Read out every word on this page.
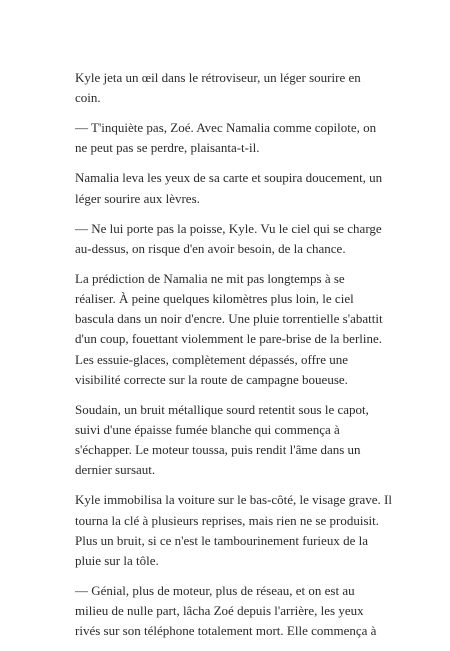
Kyle jeta un œil dans le rétroviseur, un léger sourire en
coin.

— T'inquiète pas, Zoé. Avec Namalia comme copilote, on
ne peut pas se perdre, plaisanta-t-il.

Namalia leva les yeux de sa carte et soupira doucement, un
léger sourire aux lèvres.

— Ne lui porte pas la poisse, Kyle. Vu le ciel qui se charge
au-dessus, on risque d'en avoir besoin, de la chance.

La prédiction de Namalia ne mit pas longtemps à se
réaliser. À peine quelques kilomètres plus loin, le ciel
bascula dans un noir d'encre. Une pluie torrentielle s'abattit
d'un coup, fouettant violemment le pare-brise de la berline.
Les essuie-glaces, complètement dépassés, offre une
visibilité correcte sur la route de campagne boueuse.

Soudain, un bruit métallique sourd retentit sous le capot,
suivi d'une épaisse fumée blanche qui commença à
s'échapper. Le moteur toussa, puis rendit l'âme dans un
dernier sursaut.

Kyle immobilisa la voiture sur le bas-côté, le visage grave. Il
tourna la clé à plusieurs reprises, mais rien ne se produisit.
Plus un bruit, si ce n'est le tambourinement furieux de la
pluie sur la tôle.

— Génial, plus de moteur, plus de réseau, et on est au
milieu de nulle part, lâcha Zoé depuis l'arrière, les yeux
rivés sur son téléphone totalement mort. Elle commença à
